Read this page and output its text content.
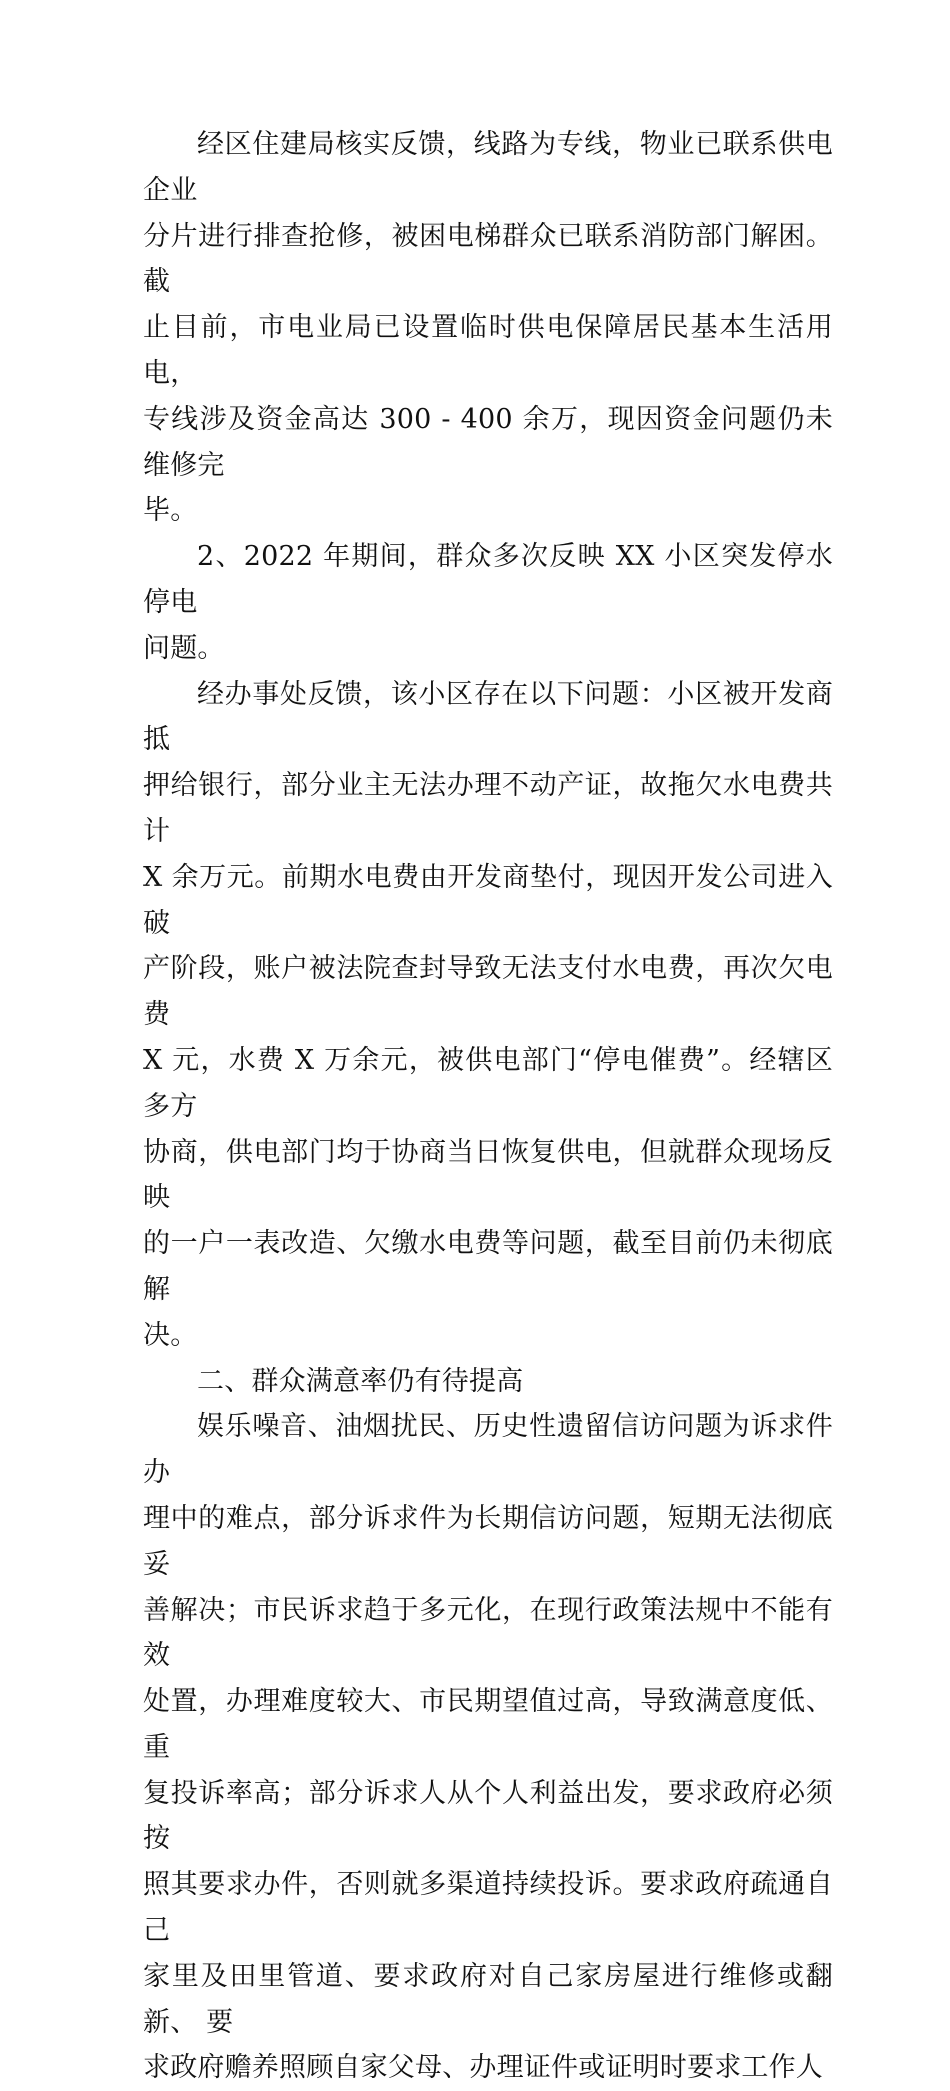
经区住建局核实反馈，线路为专线，物业已联系供电企业
分片进行排查抢修，被困电梯群众已联系消防部门解困。截
止目前，市电业局已设置临时供电保障居民基本生活用电，
专线涉及资金高达 300 - 400 余万，现因资金问题仍未维修完
毕。

2、2022 年期间，群众多次反映 XX 小区突发停水停电
问题。

经办事处反馈，该小区存在以下问题：小区被开发商抵
押给银行，部分业主无法办理不动产证，故拖欠水电费共计
X 余万元。前期水电费由开发商垫付，现因开发公司进入破
产阶段，账户被法院查封导致无法支付水电费，再次欠电费
X 元，水费 X 万余元，被供电部门“停电催费”。经辖区多方
协商，供电部门均于协商当日恢复供电，但就群众现场反映
的一户一表改造、欠缴水电费等问题，截至目前仍未彻底解
决。

二、群众满意率仍有待提高

娱乐噪音、油烟扰民、历史性遗留信访问题为诉求件办
理中的难点，部分诉求件为长期信访问题，短期无法彻底妥
善解决；市民诉求趋于多元化，在现行政策法规中不能有效
处置，办理难度较大、市民期望值过高，导致满意度低、重
复投诉率高；部分诉求人从个人利益出发，要求政府必须按
照其要求办件，否则就多渠道持续投诉。要求政府疏通自己
家里及田里管道、要求政府对自己家房屋进行维修或翻新、 要
求政府赡养照顾自家父母、办理证件或证明时要求工作人
